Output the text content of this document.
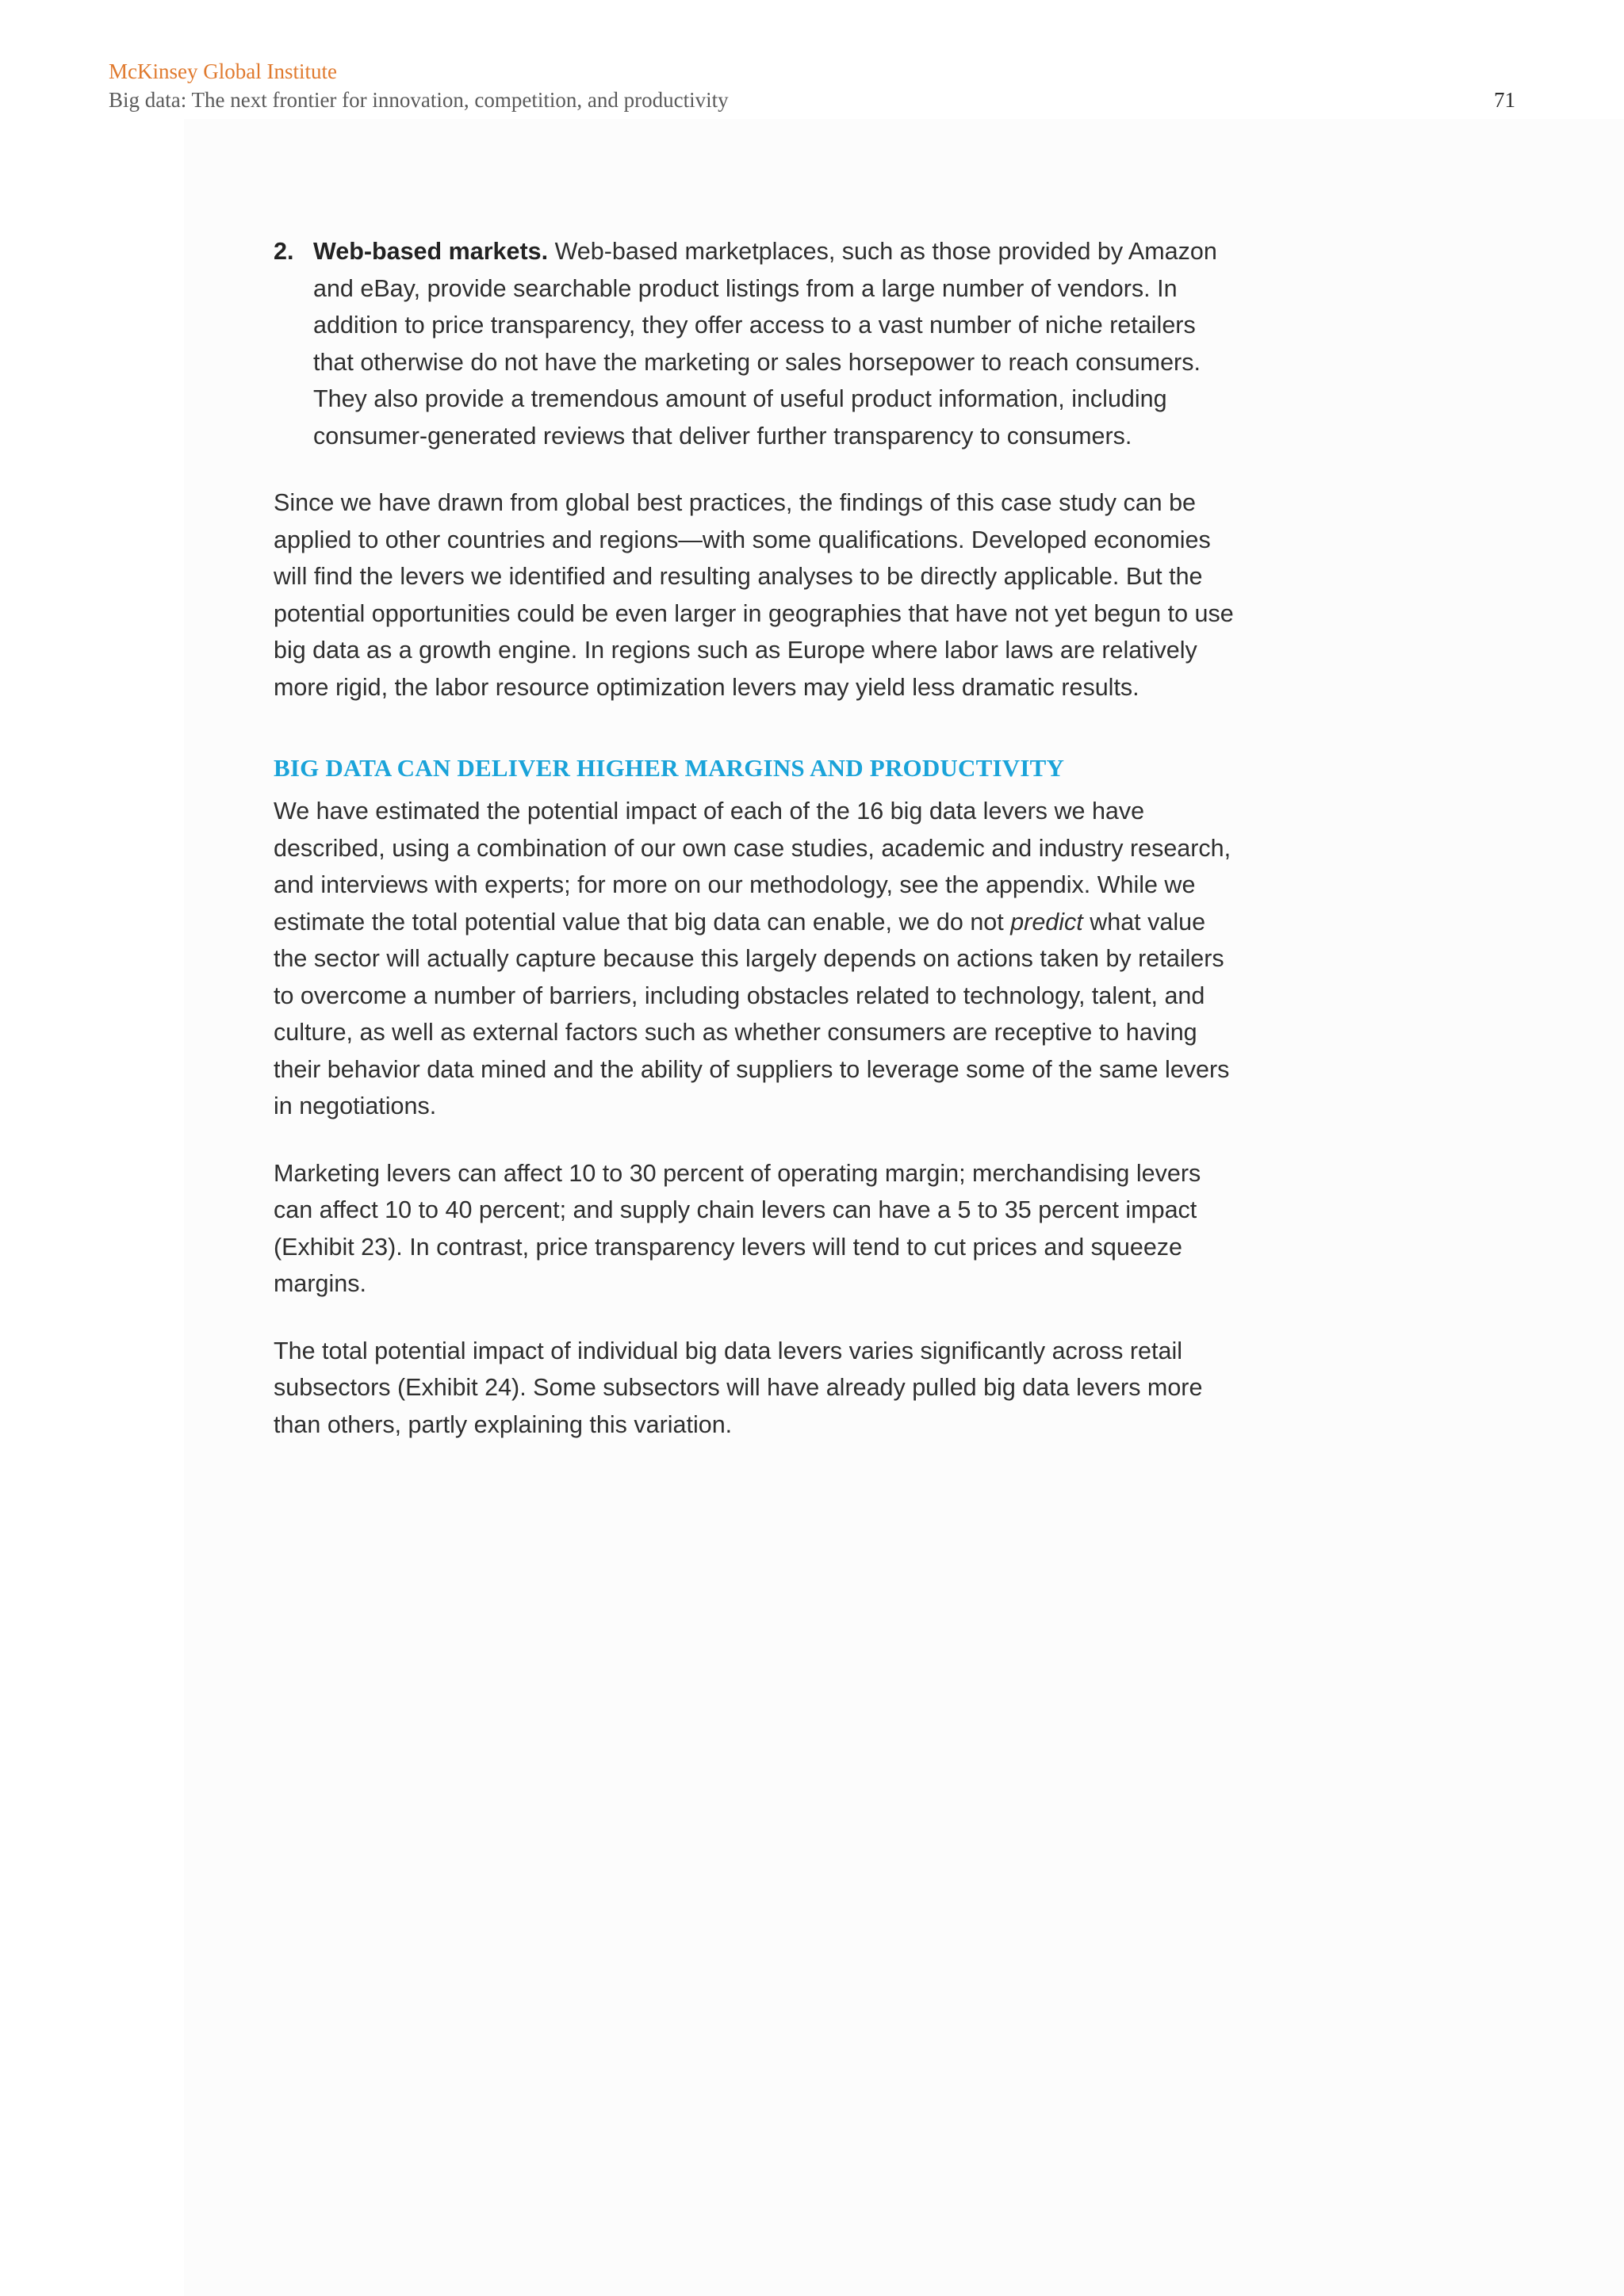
McKinsey Global Institute
Big data: The next frontier for innovation, competition, and productivity	71
2. Web-based markets. Web-based marketplaces, such as those provided by Amazon and eBay, provide searchable product listings from a large number of vendors. In addition to price transparency, they offer access to a vast number of niche retailers that otherwise do not have the marketing or sales horsepower to reach consumers. They also provide a tremendous amount of useful product information, including consumer-generated reviews that deliver further transparency to consumers.

Since we have drawn from global best practices, the findings of this case study can be applied to other countries and regions—with some qualifications. Developed economies will find the levers we identified and resulting analyses to be directly applicable. But the potential opportunities could be even larger in geographies that have not yet begun to use big data as a growth engine. In regions such as Europe where labor laws are relatively more rigid, the labor resource optimization levers may yield less dramatic results.

BIG DATA CAN DELIVER HIGHER MARGINS AND PRODUCTIVITY

We have estimated the potential impact of each of the 16 big data levers we have described, using a combination of our own case studies, academic and industry research, and interviews with experts; for more on our methodology, see the appendix. While we estimate the total potential value that big data can enable, we do not predict what value the sector will actually capture because this largely depends on actions taken by retailers to overcome a number of barriers, including obstacles related to technology, talent, and culture, as well as external factors such as whether consumers are receptive to having their behavior data mined and the ability of suppliers to leverage some of the same levers in negotiations.

Marketing levers can affect 10 to 30 percent of operating margin; merchandising levers can affect 10 to 40 percent; and supply chain levers can have a 5 to 35 percent impact (Exhibit 23). In contrast, price transparency levers will tend to cut prices and squeeze margins.

The total potential impact of individual big data levers varies significantly across retail subsectors (Exhibit 24). Some subsectors will have already pulled big data levers more than others, partly explaining this variation.
